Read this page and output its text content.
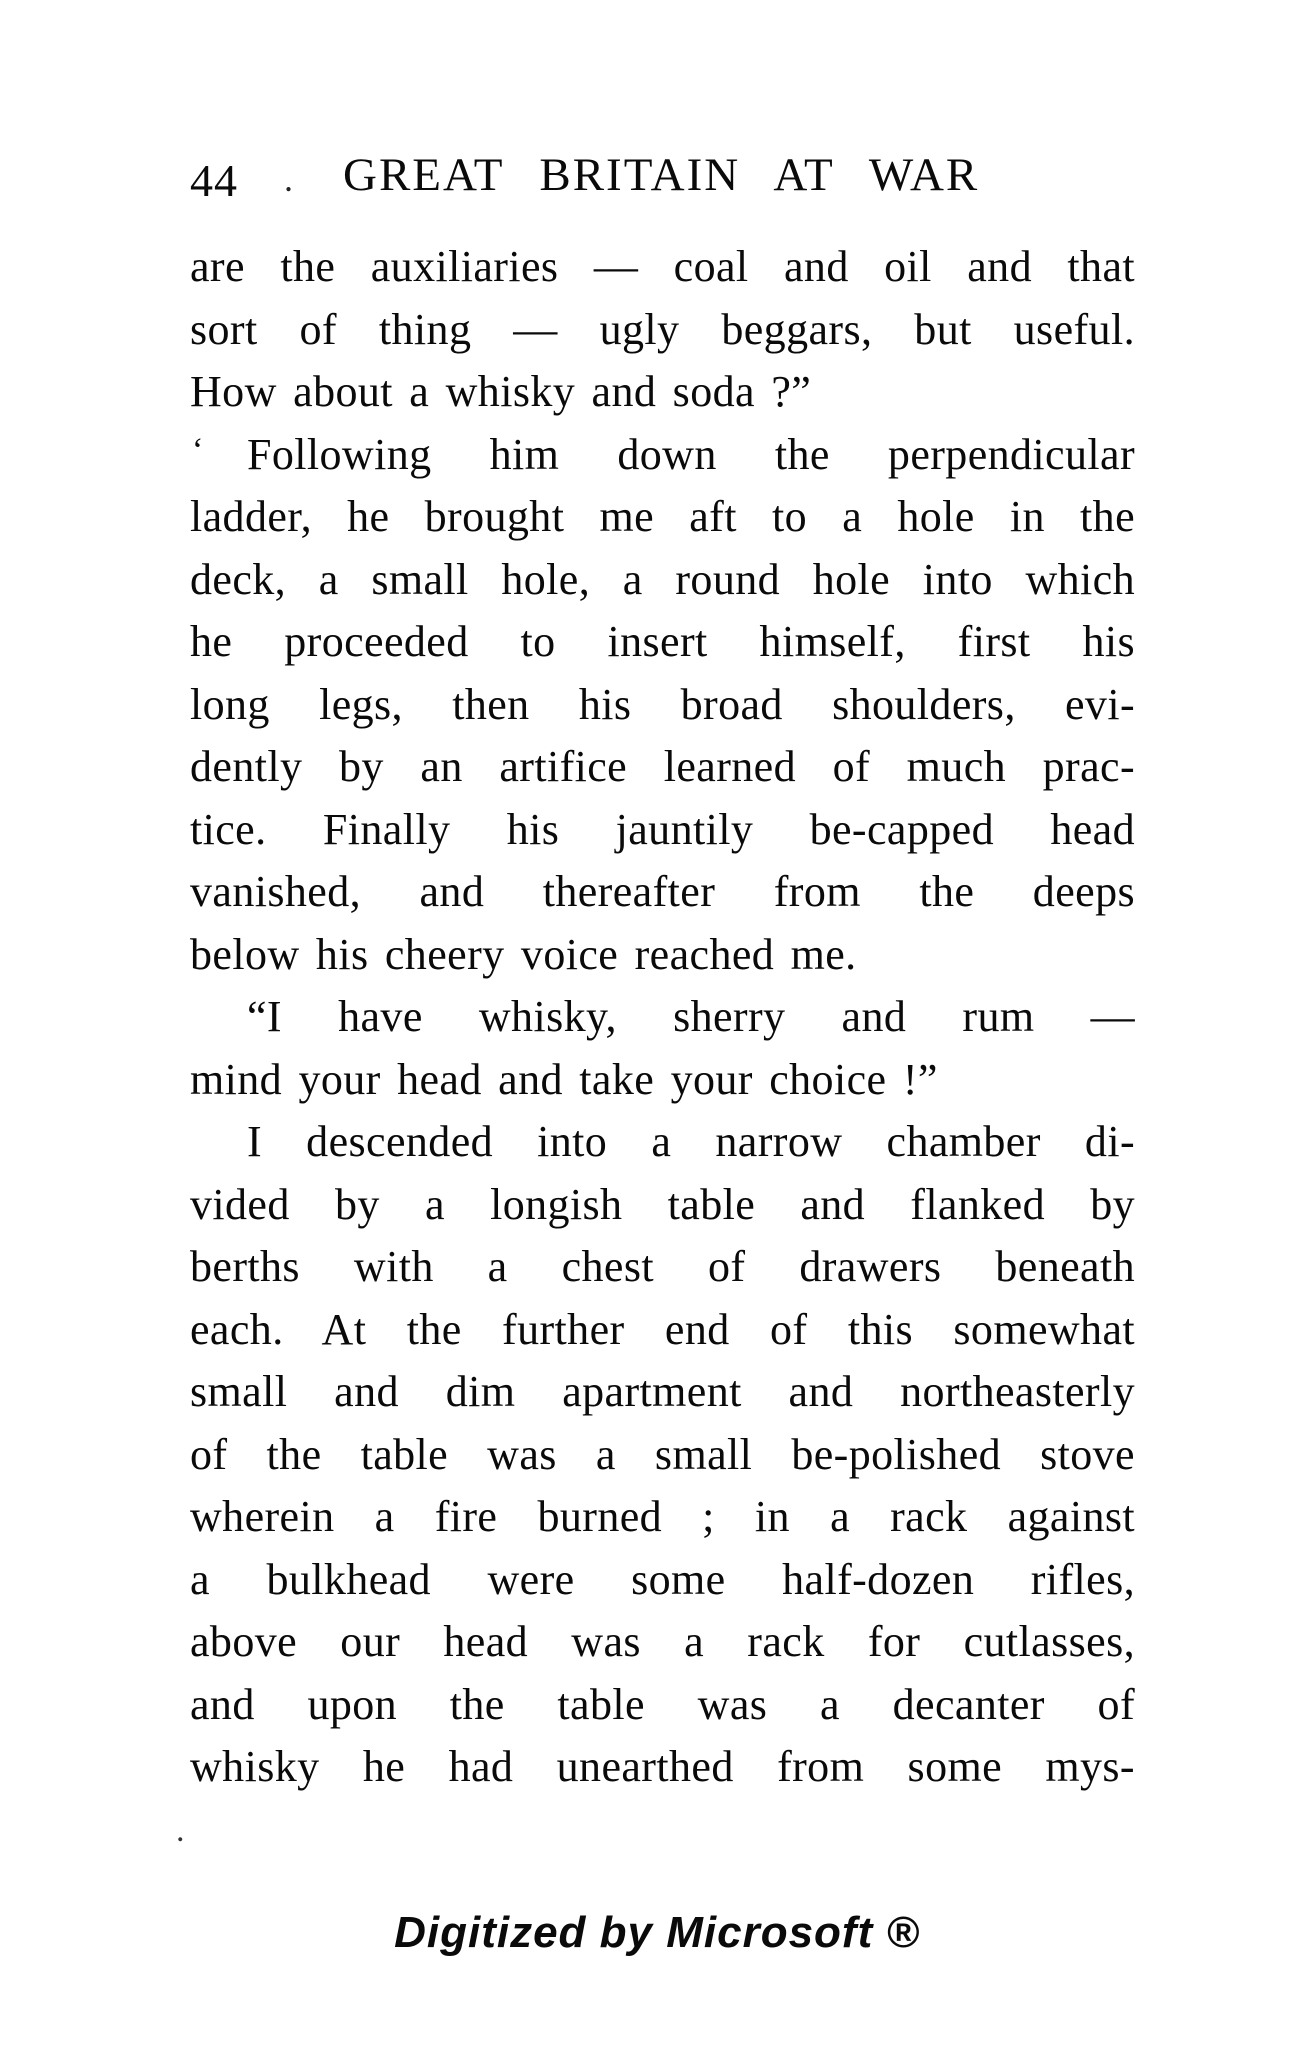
44 . GREAT BRITAIN AT WAR
are the auxiliaries — coal and oil and that
sort of thing — ugly beggars, but useful.
How about a whisky and soda ?”
‘ Following him down the perpendicular
ladder, he brought me aft to a hole in the
deck, a small hole, a round hole into which
he proceeded to insert himself, first his
long legs, then his broad shoulders, evi-
dently by an artifice learned of much prac-
tice. Finally his jauntily be-capped head
vanished, and thereafter from the deeps
below his cheery voice reached me.
“I have whisky, sherry and rum —
mind your head and take your choice !”
I descended into a narrow chamber di-
vided by a longish table and flanked by
berths with a chest of drawers beneath
each. At the further end of this somewhat
small and dim apartment and northeasterly
of the table was a small be-polished stove
wherein a fire burned ; in a rack against
a bulkhead were some half-dozen rifles,
above our head was a rack for cutlasses,
and upon the table was a decanter of
whisky he had unearthed from some mys-
.
Digitized by Microsoft ®
